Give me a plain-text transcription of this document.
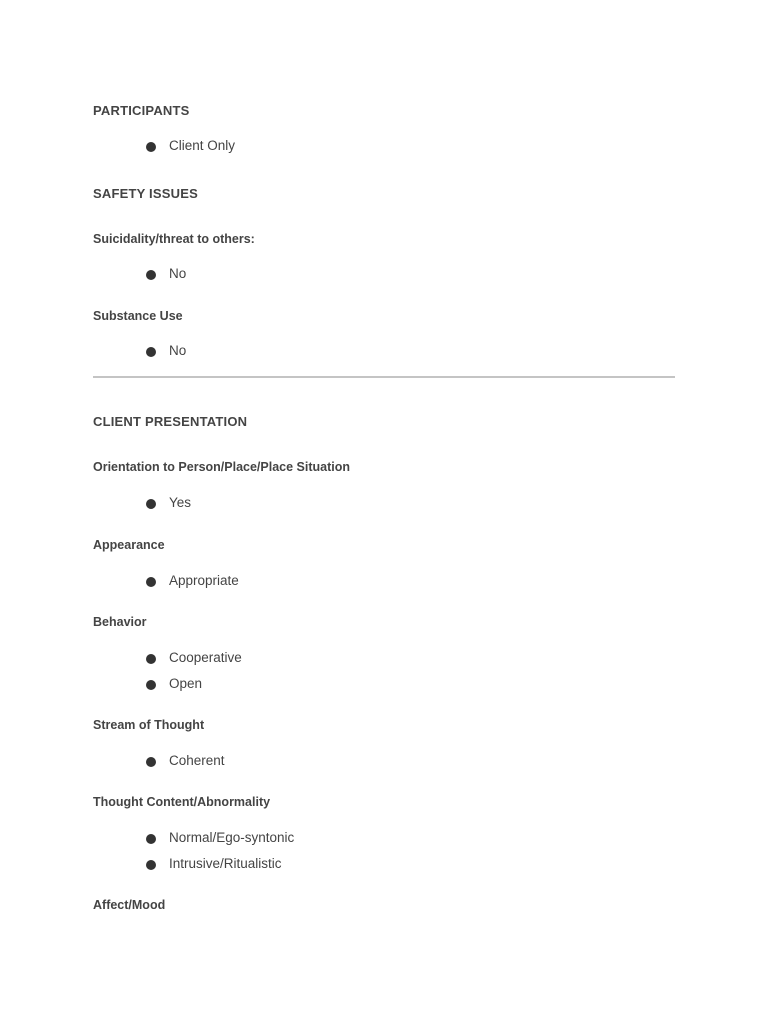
PARTICIPANTS
Client Only
SAFETY ISSUES
Suicidality/threat to others:
No
Substance Use
No
CLIENT PRESENTATION
Orientation to Person/Place/Place Situation
Yes
Appearance
Appropriate
Behavior
Cooperative
Open
Stream of Thought
Coherent
Thought Content/Abnormality
Normal/Ego-syntonic
Intrusive/Ritualistic
Affect/Mood
